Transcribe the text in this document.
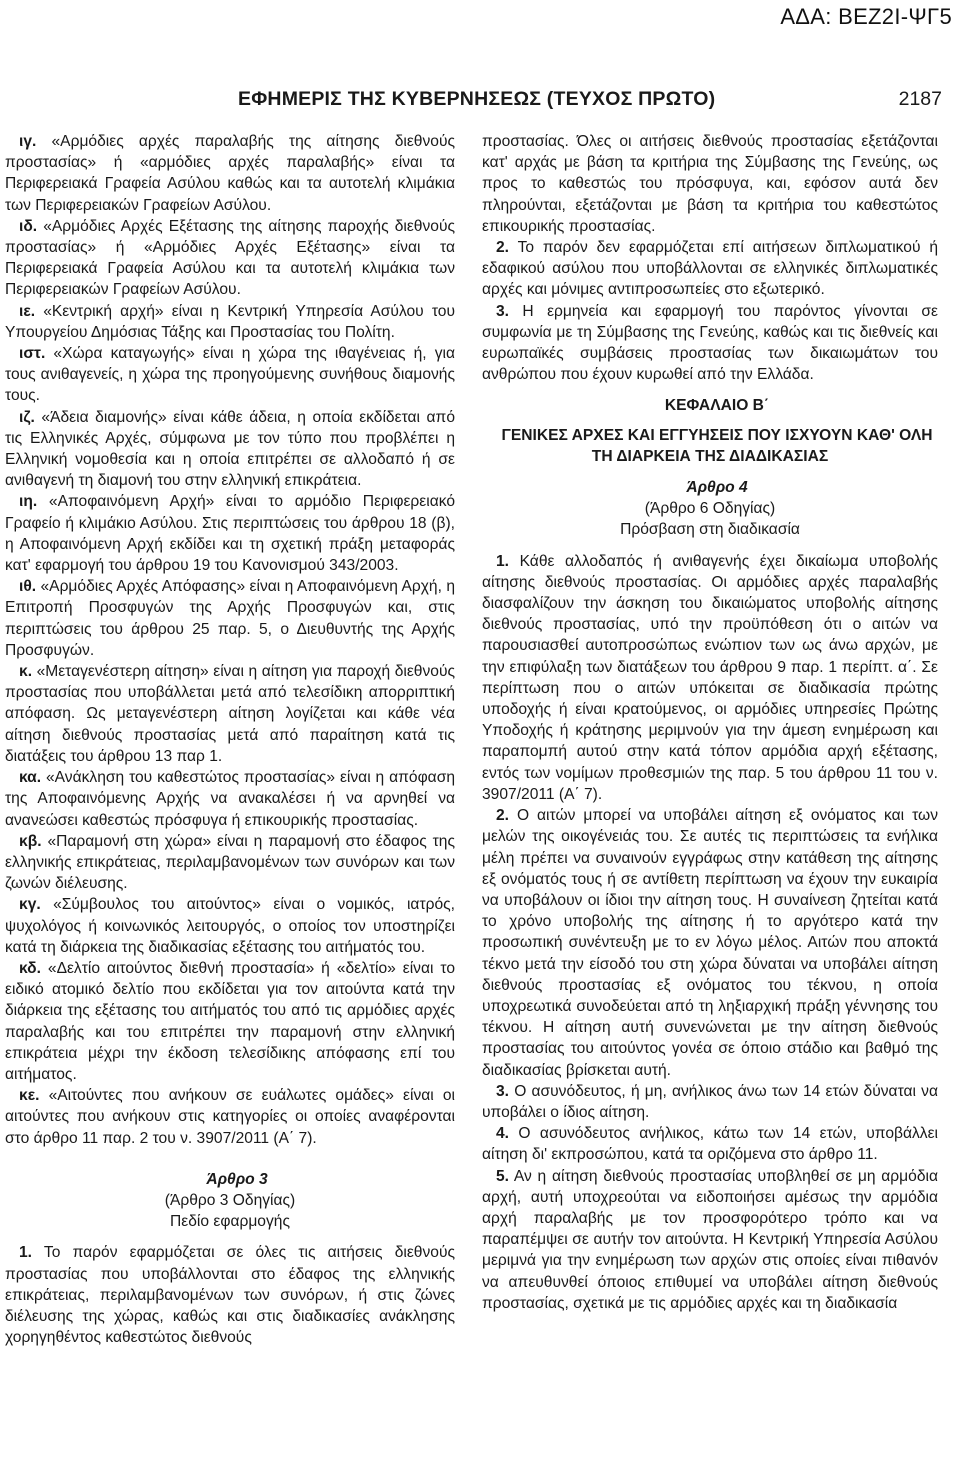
ΑΔΑ: ΒΕΖ2Ι-ΨΓ5
ΕΦΗΜΕΡΙΣ ΤΗΣ ΚΥΒΕΡΝΗΣΕΩΣ (ΤΕΥΧΟΣ ΠΡΩΤΟ)	2187

ιγ. «Αρμόδιες αρχές παραλαβής της αίτησης διεθνούς προστασίας» ή «αρμόδιες αρχές παραλαβής» είναι τα Περιφερειακά Γραφεία Ασύλου καθώς και τα αυτοτελή κλιμάκια των Περιφερειακών Γραφείων Ασύλου.

ιδ. «Αρμόδιες Αρχές Εξέτασης της αίτησης παροχής διεθνούς προστασίας» ή «Αρμόδιες Αρχές Εξέτασης» είναι τα Περιφερειακά Γραφεία Ασύλου και τα αυτοτελή κλιμάκια των Περιφερειακών Γραφείων Ασύλου.

ιε. «Κεντρική αρχή» είναι η Κεντρική Υπηρεσία Ασύλου του Υπουργείου Δημόσιας Τάξης και Προστασίας του Πολίτη.

ιστ. «Χώρα καταγωγής» είναι η χώρα της ιθαγένειας ή, για τους ανιθαγενείς, η χώρα της προηγούμενης συνήθους διαμονής τους.

ιζ. «Άδεια διαμονής» είναι κάθε άδεια, η οποία εκδίδεται από τις Ελληνικές Αρχές, σύμφωνα με τον τύπο που προβλέπει η Ελληνική νομοθεσία και η οποία επιτρέπει σε αλλοδαπό ή σε ανιθαγενή τη διαμονή του στην ελληνική επικράτεια.

ιη. «Αποφαινόμενη Αρχή» είναι το αρμόδιο Περιφερειακό Γραφείο ή κλιμάκιο Ασύλου. Στις περιπτώσεις του άρθρου 18 (β), η Αποφαινόμενη Αρχή εκδίδει και τη σχετική πράξη μεταφοράς κατ' εφαρμογή του άρθρου 19 του Κανονισμού 343/2003.

ιθ. «Αρμόδιες Αρχές Απόφασης» είναι η Αποφαινόμενη Αρχή, η Επιτροπή Προσφυγών της Αρχής Προσφυγών και, στις περιπτώσεις του άρθρου 25 παρ. 5, ο Διευθυντής της Αρχής Προσφυγών.

κ. «Μεταγενέστερη αίτηση» είναι η αίτηση για παροχή διεθνούς προστασίας που υποβάλλεται μετά από τελεσίδικη απορριπτική απόφαση. Ως μεταγενέστερη αίτηση λογίζεται και κάθε νέα αίτηση διεθνούς προστασίας μετά από παραίτηση κατά τις διατάξεις του άρθρου 13 παρ 1.

κα. «Ανάκληση του καθεστώτος προστασίας» είναι η απόφαση της Αποφαινόμενης Αρχής να ανακαλέσει ή να αρνηθεί να ανανεώσει καθεστώς πρόσφυγα ή επικουρικής προστασίας.

κβ. «Παραμονή στη χώρα» είναι η παραμονή στο έδαφος της ελληνικής επικράτειας, περιλαμβανομένων των συνόρων και των ζωνών διέλευσης.

κγ. «Σύμβουλος του αιτούντος» είναι ο νομικός, ιατρός, ψυχολόγος ή κοινωνικός λειτουργός, ο οποίος τον υποστηρίζει κατά τη διάρκεια της διαδικασίας εξέτασης του αιτήματός του.

κδ. «Δελτίο αιτούντος διεθνή προστασία» ή «δελτίο» είναι το ειδικό ατομικό δελτίο που εκδίδεται για τον αιτούντα κατά την διάρκεια της εξέτασης του αιτήματός του από τις αρμόδιες αρχές παραλαβής και του επιτρέπει την παραμονή στην ελληνική επικράτεια μέχρι την έκδοση τελεσίδικης απόφασης επί του αιτήματος.

κε. «Αιτούντες που ανήκουν σε ευάλωτες ομάδες» είναι οι αιτούντες που ανήκουν στις κατηγορίες οι οποίες αναφέρονται στο άρθρο 11 παρ. 2 του ν. 3907/2011 (Α΄ 7).

Άρθρο 3

(Άρθρο 3 Οδηγίας)

Πεδίο εφαρμογής

1. Το παρόν εφαρμόζεται σε όλες τις αιτήσεις διεθνούς προστασίας που υποβάλλονται στο έδαφος της ελληνικής επικράτειας, περιλαμβανομένων των συνόρων, ή στις ζώνες διέλευσης της χώρας, καθώς και στις διαδικασίες ανάκλησης χορηγηθέντος καθεστώτος διεθνούς

προστασίας. Όλες οι αιτήσεις διεθνούς προστασίας εξετάζονται κατ' αρχάς με βάση τα κριτήρια της Σύμβασης της Γενεύης, ως προς το καθεστώς του πρόσφυγα, και, εφόσον αυτά δεν πληρούνται, εξετάζονται με βάση τα κριτήρια του καθεστώτος επικουρικής προστασίας.

2. Το παρόν δεν εφαρμόζεται επί αιτήσεων διπλωματικού ή εδαφικού ασύλου που υποβάλλονται σε ελληνικές διπλωματικές αρχές και μόνιμες αντιπροσωπείες στο εξωτερικό.

3. Η ερμηνεία και εφαρμογή του παρόντος γίνονται σε συμφωνία με τη Σύμβασης της Γενεύης, καθώς και τις διεθνείς και ευρωπαϊκές συμβάσεις προστασίας των δικαιωμάτων του ανθρώπου που έχουν κυρωθεί από την Ελλάδα.

ΚΕΦΑΛΑΙΟ Β΄

ΓΕΝΙΚΕΣ ΑΡΧΕΣ ΚΑΙ ΕΓΓΥΗΣΕΙΣ ΠΟΥ ΙΣΧΥΟΥΝ ΚΑΘ' ΟΛΗ ΤΗ ΔΙΑΡΚΕΙΑ ΤΗΣ ΔΙΑΔΙΚΑΣΙΑΣ

Άρθρο 4

(Άρθρο 6 Οδηγίας)

Πρόσβαση στη διαδικασία

1. Κάθε αλλοδαπός ή ανιθαγενής έχει δικαίωμα υποβολής αίτησης διεθνούς προστασίας. Οι αρμόδιες αρχές παραλαβής διασφαλίζουν την άσκηση του δικαιώματος υποβολής αίτησης διεθνούς προστασίας, υπό την προϋπόθεση ότι ο αιτών να παρουσιασθεί αυτοπροσώπως ενώπιον των ως άνω αρχών, με την επιφύλαξη των διατάξεων του άρθρου 9 παρ. 1 περίπτ. α΄. Σε περίπτωση που ο αιτών υπόκειται σε διαδικασία πρώτης υποδοχής ή είναι κρατούμενος, οι αρμόδιες υπηρεσίες Πρώτης Υποδοχής ή κράτησης μεριμνούν για την άμεση ενημέρωση και παραπομπή αυτού στην κατά τόπον αρμόδια αρχή εξέτασης, εντός των νομίμων προθεσμιών της παρ. 5 του άρθρου 11 του ν. 3907/2011 (Α΄ 7).

2. Ο αιτών μπορεί να υποβάλει αίτηση εξ ονόματος και των μελών της οικογένειάς του. Σε αυτές τις περιπτώσεις τα ενήλικα μέλη πρέπει να συναινούν εγγράφως στην κατάθεση της αίτησης εξ ονόματός τους ή σε αντίθετη περίπτωση να έχουν την ευκαιρία να υποβάλουν οι ίδιοι την αίτηση τους. Η συναίνεση ζητείται κατά το χρόνο υποβολής της αίτησης ή το αργότερο κατά την προσωπική συνέντευξη με το εν λόγω μέλος. Αιτών που αποκτά τέκνο μετά την είσοδό του στη χώρα δύναται να υποβάλει αίτηση διεθνούς προστασίας εξ ονόματος του τέκνου, η οποία υποχρεωτικά συνοδεύεται από τη ληξιαρχική πράξη γέννησης του τέκνου. Η αίτηση αυτή συνενώνεται με την αίτηση διεθνούς προστασίας του αιτούντος γονέα σε όποιο στάδιο και βαθμό της διαδικασίας βρίσκεται αυτή.

3. Ο ασυνόδευτος, ή μη, ανήλικος άνω των 14 ετών δύναται να υποβάλει ο ίδιος αίτηση.

4. Ο ασυνόδευτος ανήλικος, κάτω των 14 ετών, υποβάλλει αίτηση δι' εκπροσώπου, κατά τα οριζόμενα στο άρθρο 11.

5. Αν η αίτηση διεθνούς προστασίας υποβληθεί σε μη αρμόδια αρχή, αυτή υποχρεούται να ειδοποιήσει αμέσως την αρμόδια αρχή παραλαβής με τον προσφορότερο τρόπο και να παραπέμψει σε αυτήν τον αιτούντα. Η Κεντρική Υπηρεσία Ασύλου μεριμνά για την ενημέρωση των αρχών στις οποίες είναι πιθανόν να απευθυνθεί όποιος επιθυμεί να υποβάλει αίτηση διεθνούς προστασίας, σχετικά με τις αρμόδιες αρχές και τη διαδικασία
